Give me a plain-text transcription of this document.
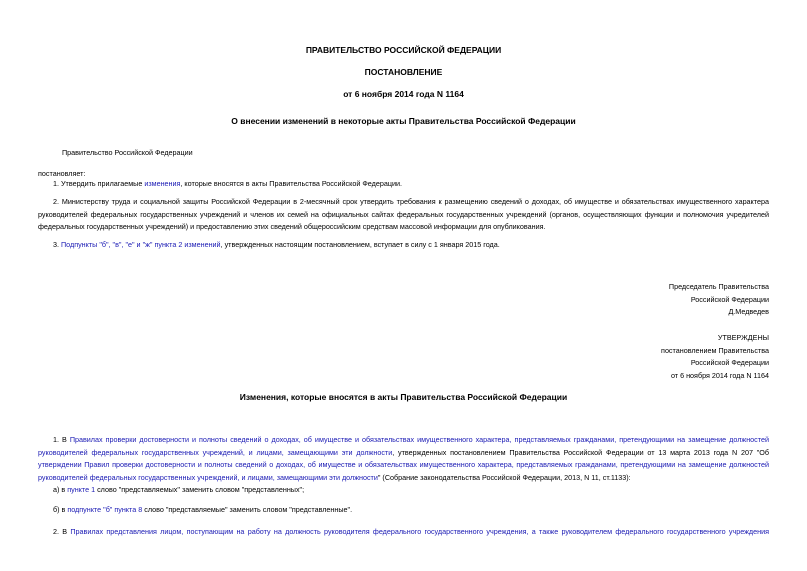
ПРАВИТЕЛЬСТВО РОССИЙСКОЙ ФЕДЕРАЦИИ
ПОСТАНОВЛЕНИЕ
от 6 ноября 2014 года N 1164
О внесении изменений в некоторые акты Правительства Российской Федерации
Правительство Российской Федерации
постановляет:
1. Утвердить прилагаемые изменения, которые вносятся в акты Правительства Российской Федерации.
2. Министерству труда и социальной защиты Российской Федерации в 2-месячный срок утвердить требования к размещению сведений о доходах, об имуществе и обязательствах имущественного характера руководителей федеральных государственных учреждений и членов их семей на официальных сайтах федеральных государственных учреждений (органов, осуществляющих функции и полномочия учредителей федеральных государственных учреждений) и предоставлению этих сведений общероссийским средствам массовой информации для опубликования.
3. Подпункты "б", "в", "е" и "ж" пункта 2 изменений, утвержденных настоящим постановлением, вступает в силу с 1 января 2015 года.
Председатель Правительства
Российской Федерации
Д.Медведев
УТВЕРЖДЕНЫ
постановлением Правительства
Российской Федерации
от 6 ноября 2014 года N 1164
Изменения, которые вносятся в акты Правительства Российской Федерации
1. В Правилах проверки достоверности и полноты сведений о доходах, об имуществе и обязательствах имущественного характера, представляемых гражданами, претендующими на замещение должностей руководителей федеральных государственных учреждений, и лицами, замещающими эти должности, утвержденных постановлением Правительства Российской Федерации от 13 марта 2013 года N 207 "Об утверждении Правил проверки достоверности и полноты сведений о доходах, об имуществе и обязательствах имущественного характера, представляемых гражданами, претендующими на замещение должностей руководителей федеральных государственных учреждений, и лицами, замещающими эти должности" (Собрание законодательства Российской Федерации, 2013, N 11, ст.1133):
а) в пункте 1 слово "представляемых" заменить словом "представленных";
б) в подпункте "б" пункта 8 слово "представляемые" заменить словом "представленные".
2. В Правилах представления лицом, поступающим на работу на должность руководителя федерального государственного учреждения, а также руководителем федерального государственного учреждения
